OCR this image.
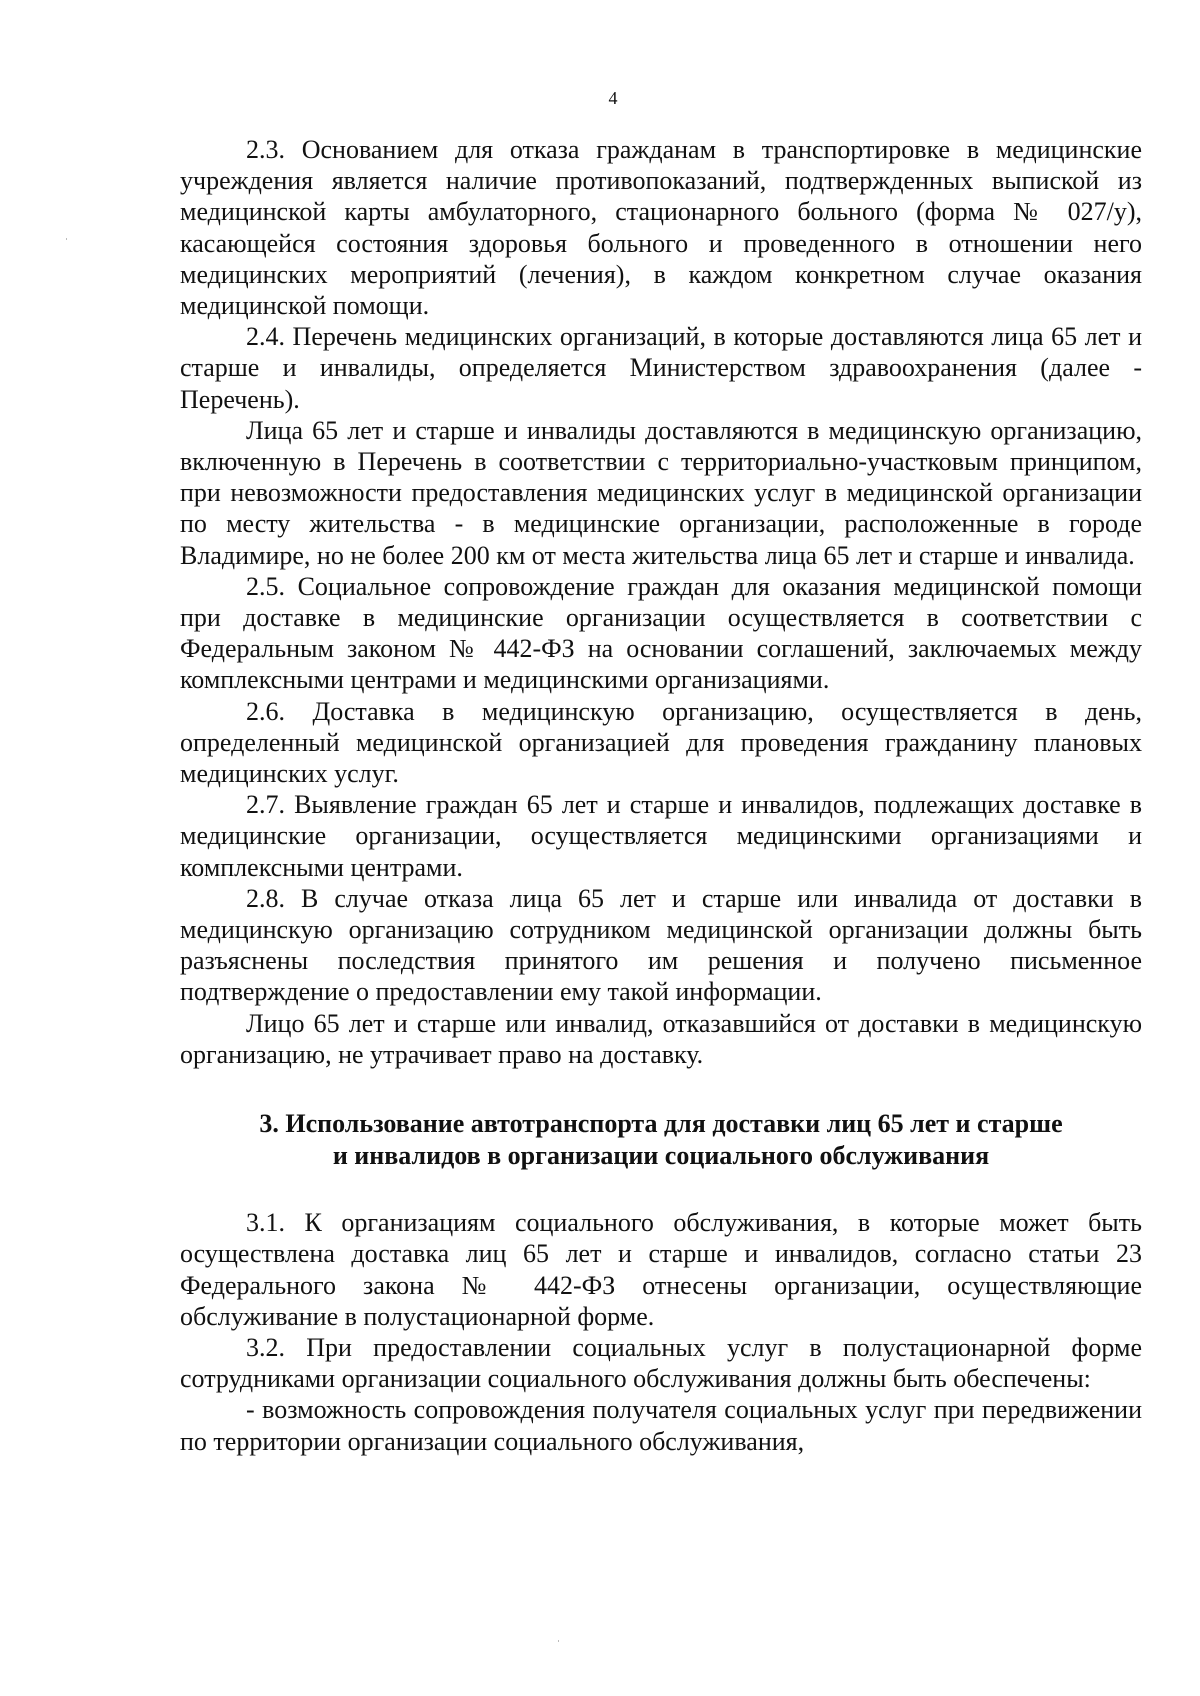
4

2.3. Основанием для отказа гражданам в транспортировке в медицинские учреждения является наличие противопоказаний, подтвержденных выпиской из медицинской карты амбулаторного, стационарного больного (форма № 027/у), касающейся состояния здоровья больного и проведенного в отношении него медицинских мероприятий (лечения), в каждом конкретном случае оказания медицинской помощи.

2.4. Перечень медицинских организаций, в которые доставляются лица 65 лет и старше и инвалиды, определяется Министерством здравоохранения (далее - Перечень).

Лица 65 лет и старше и инвалиды доставляются в медицинскую организацию, включенную в Перечень в соответствии с территориально-участковым принципом, при невозможности предоставления медицинских услуг в медицинской организации по месту жительства - в медицинские организации, расположенные в городе Владимире, но не более 200 км от места жительства лица 65 лет и старше и инвалида.

2.5. Социальное сопровождение граждан для оказания медицинской помощи при доставке в медицинские организации осуществляется в соответствии с Федеральным законом № 442-ФЗ на основании соглашений, заключаемых между комплексными центрами и медицинскими организациями.

2.6. Доставка в медицинскую организацию, осуществляется в день, определенный медицинской организацией для проведения гражданину плановых медицинских услуг.

2.7. Выявление граждан 65 лет и старше и инвалидов, подлежащих доставке в медицинские организации, осуществляется медицинскими организациями и комплексными центрами.

2.8. В случае отказа лица 65 лет и старше или инвалида от доставки в медицинскую организацию сотрудником медицинской организации должны быть разъяснены последствия принятого им решения и получено письменное подтверждение о предоставлении ему такой информации.

Лицо 65 лет и старше или инвалид, отказавшийся от доставки в медицинскую организацию, не утрачивает право на доставку.

3. Использование автотранспорта для доставки лиц 65 лет и старше
и инвалидов в организации социального обслуживания

3.1. К организациям социального обслуживания, в которые может быть осуществлена доставка лиц 65 лет и старше и инвалидов, согласно статьи 23 Федерального закона № 442-ФЗ отнесены организации, осуществляющие обслуживание в полустационарной форме.

3.2. При предоставлении социальных услуг в полустационарной форме сотрудниками организации социального обслуживания должны быть обеспечены:

- возможность сопровождения получателя социальных услуг при передвижении по территории организации социального обслуживания,
